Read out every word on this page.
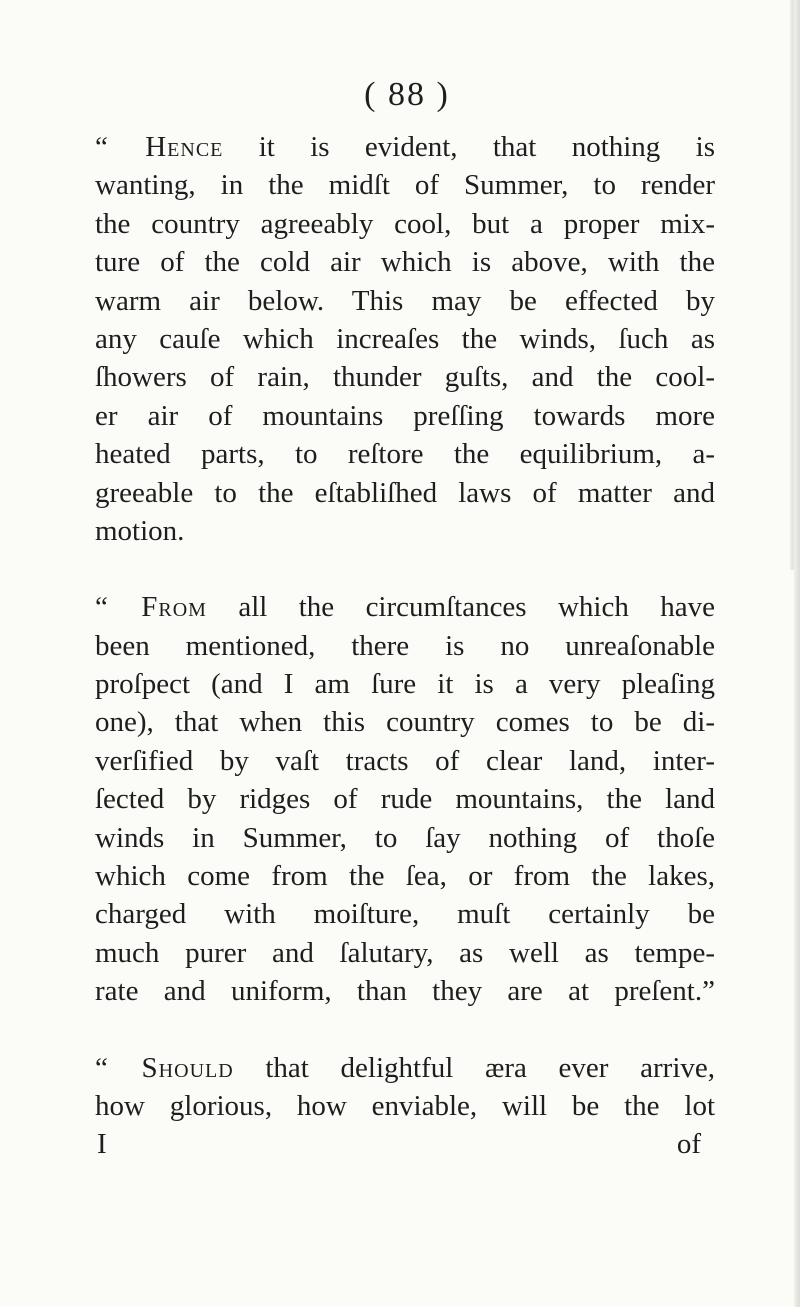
( 88 )
“ Hence it is evident, that nothing is
wanting, in the midſt of Summer, to render
the country agreeably cool, but a proper mix-
ture of the cold air which is above, with the
warm air below. This may be effected by
any cauſe which increaſes the winds, ſuch as
ſhowers of rain, thunder guſts, and the cool-
er air of mountains preſſing towards more
heated parts, to reſtore the equilibrium, a-
greeable to the eſtabliſhed laws of matter and
motion.
“ From all the circumſtances which have
been mentioned, there is no unreaſonable
proſpect (and I am ſure it is a very pleaſing
one), that when this country comes to be di-
verſified by vaſt tracts of clear land, inter-
ſected by ridges of rude mountains, the land
winds in Summer, to ſay nothing of thoſe
which come from the ſea, or from the lakes,
charged with moiſture, muſt certainly be
much purer and ſalutary, as well as tempe-
rate and uniform, than they are at preſent.”
“ Should that delightful æra ever arrive,
how glorious, how enviable, will be the lot
I	of
